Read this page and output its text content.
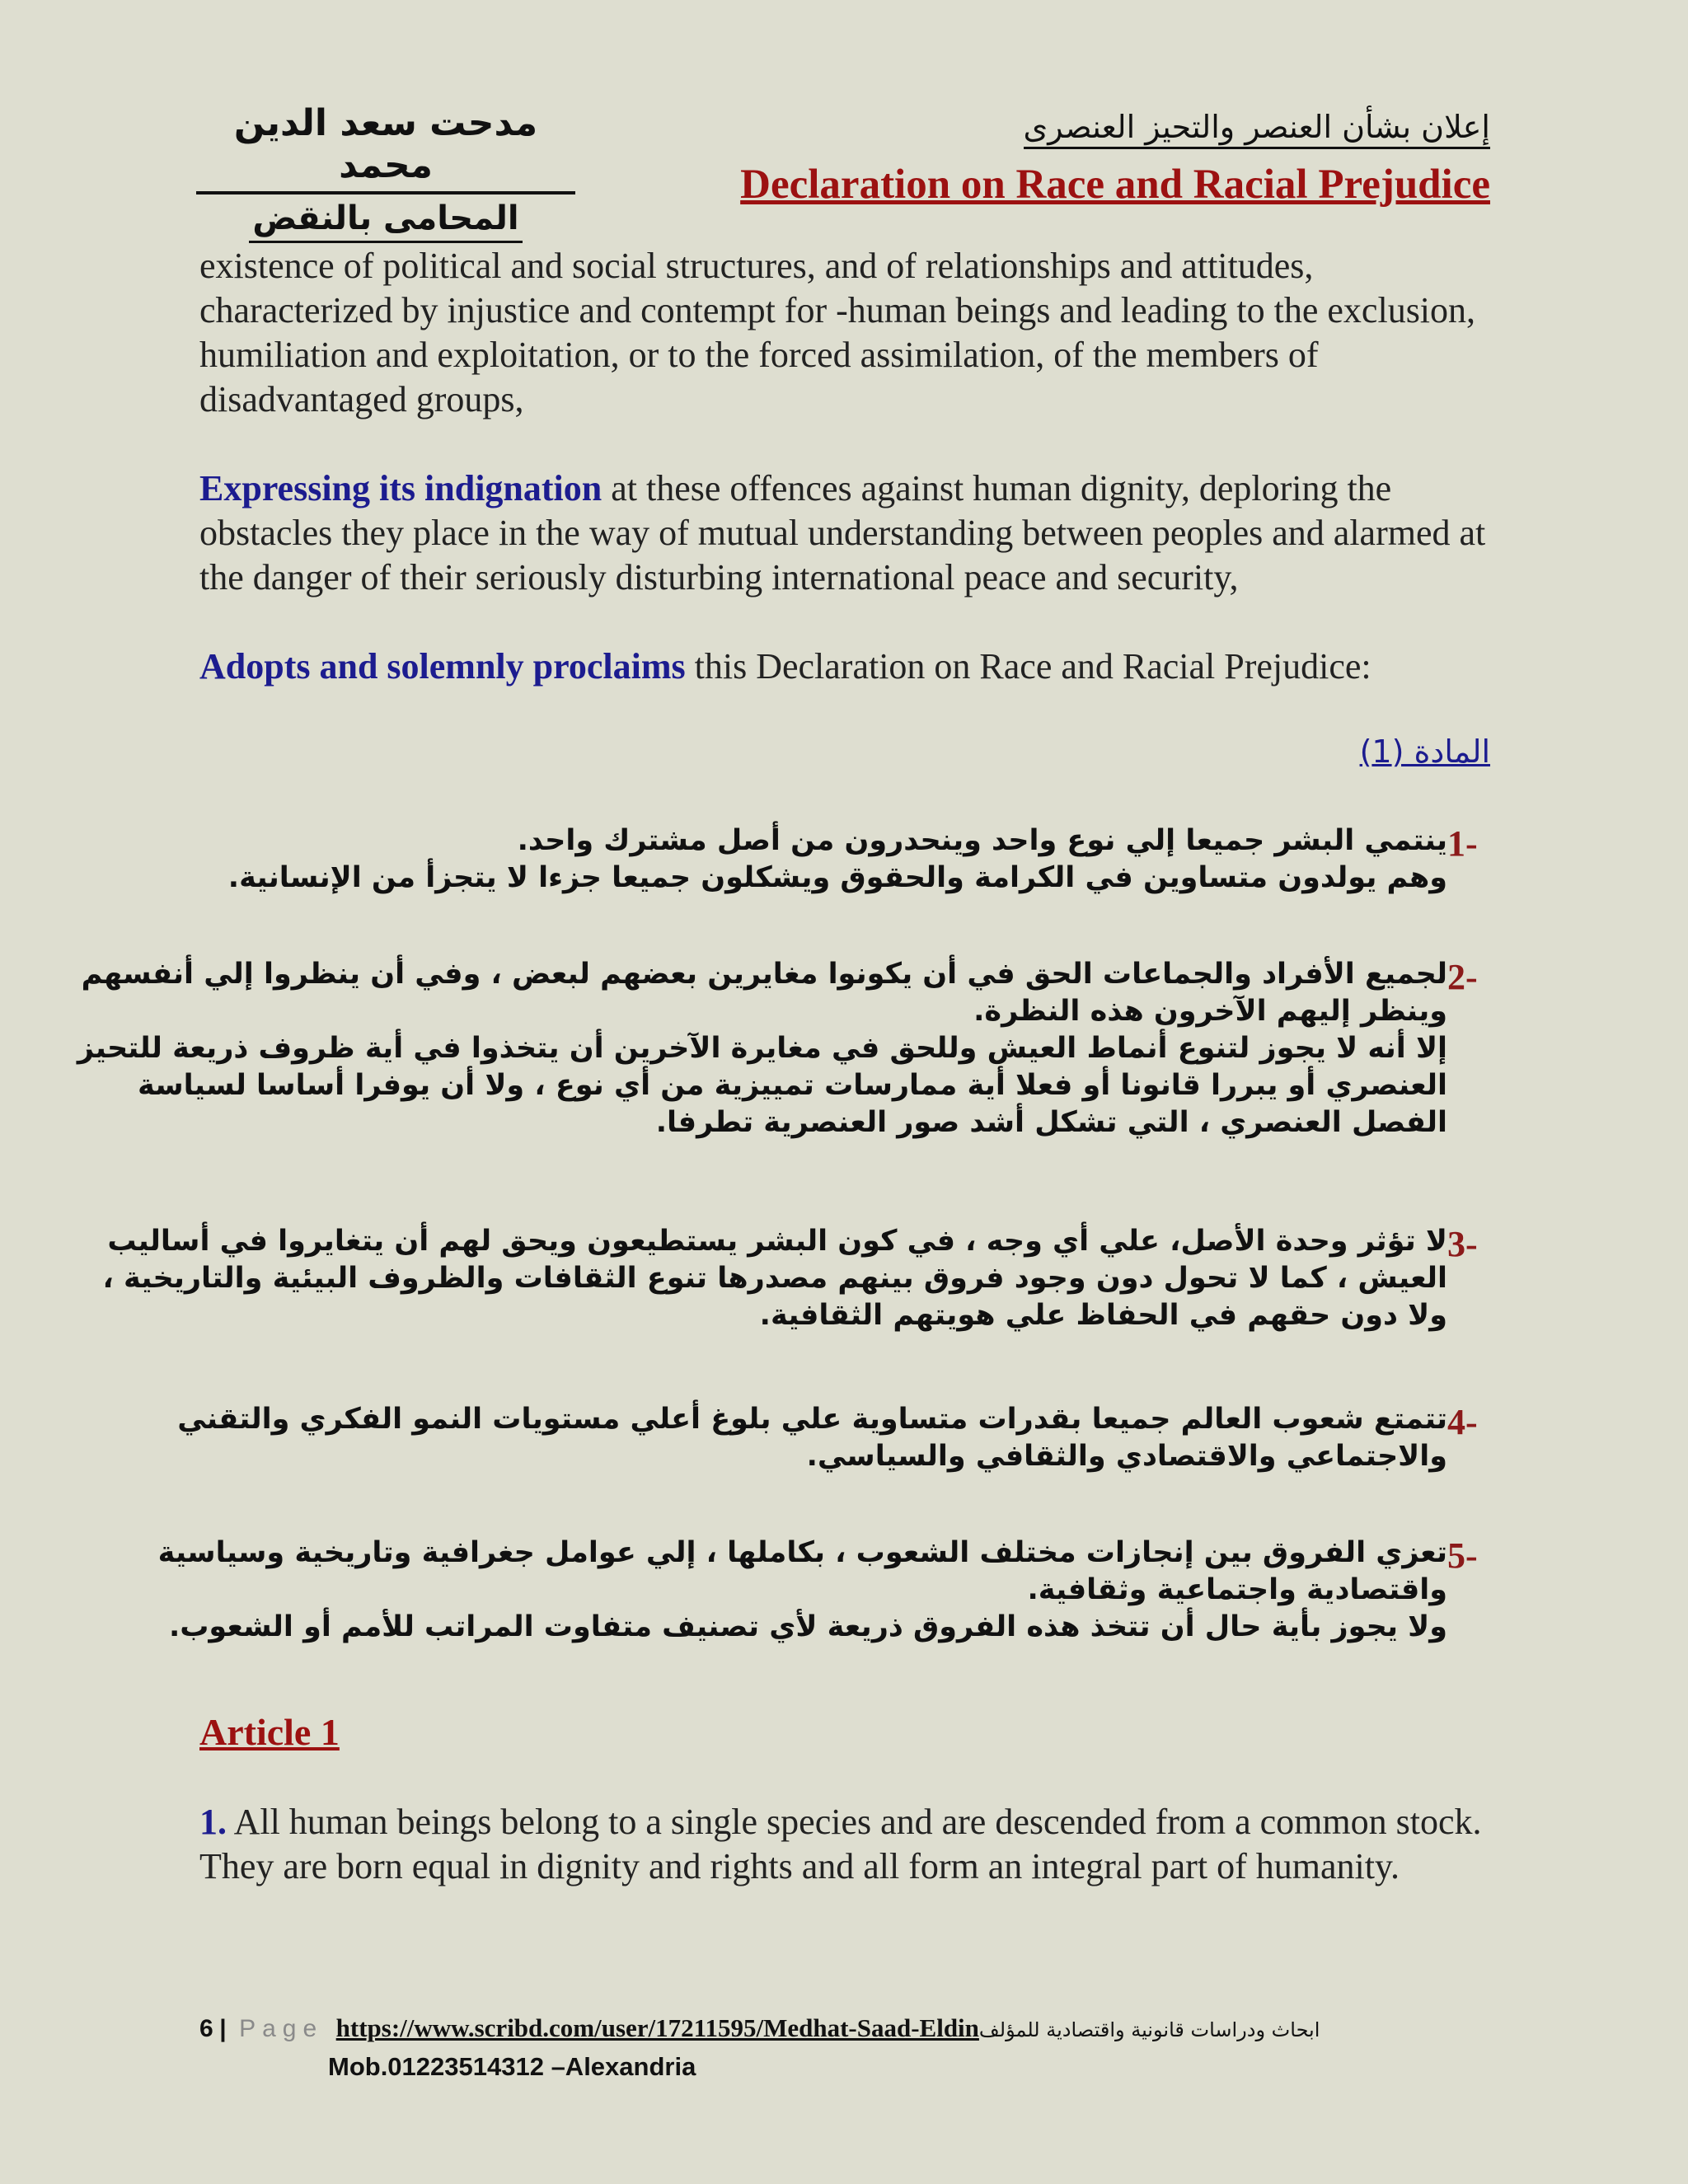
مدحت سعد الدين محمد
المحامى بالنقض
إعلان بشأن العنصر والتحيز العنصرى
Declaration on Race and Racial Prejudice
existence of political and social structures, and of relationships and attitudes, characterized by injustice and contempt for -human beings and leading to the exclusion, humiliation and exploitation, or to the forced assimilation, of the members of disadvantaged groups,
Expressing its indignation at these offences against human dignity, deploring the obstacles they place in the way of mutual understanding between peoples and alarmed at the danger of their seriously disturbing international peace and security,
Adopts and solemnly proclaims this Declaration on Race and Racial Prejudice:
المادة (1)
1-
ينتمي البشر جميعا إلي نوع واحد وينحدرون من أصل مشترك واحد.
وهم يولدون متساوين في الكرامة والحقوق ويشكلون جميعا جزءا لا يتجزأ من الإنسانية.
2-
لجميع الأفراد والجماعات الحق في أن يكونوا مغايرين بعضهم لبعض ، وفي أن ينظروا إلي أنفسهم
وينظر إليهم الآخرون هذه النظرة.
إلا أنه لا يجوز لتنوع أنماط العيش وللحق في مغايرة الآخرين أن يتخذوا في أية ظروف ذريعة للتحيز
العنصري أو يبررا قانونا أو فعلا أية ممارسات تمييزية من أي نوع ، ولا أن يوفرا أساسا لسياسة
الفصل العنصري ، التي تشكل أشد صور العنصرية تطرفا.
3-
لا تؤثر وحدة الأصل، علي أي وجه ، في كون البشر يستطيعون ويحق لهم أن يتغايروا في أساليب
العيش ، كما لا تحول دون وجود فروق بينهم مصدرها تنوع الثقافات والظروف البيئية والتاريخية ،
ولا دون حقهم في الحفاظ علي هويتهم الثقافية.
4-
تتمتع شعوب العالم جميعا بقدرات متساوية علي بلوغ أعلي مستويات النمو الفكري والتقني
والاجتماعي والاقتصادي والثقافي والسياسي.
5-
تعزي الفروق بين إنجازات مختلف الشعوب ، بكاملها ، إلي عوامل جغرافية وتاريخية وسياسية
واقتصادية واجتماعية وثقافية.
ولا يجوز بأية حال أن تتخذ هذه الفروق ذريعة لأي تصنيف متفاوت المراتب للأمم أو الشعوب.
Article 1
1. All human beings belong to a single species and are descended from a common stock. They are born equal in dignity and rights and all form an integral part of humanity.
6 | Page https://www.scribd.com/user/17211595/Medhat-Saad-Eldinابحاث ودراسات قانونية واقتصادية للمؤلف
Mob.01223514312 –Alexandria
